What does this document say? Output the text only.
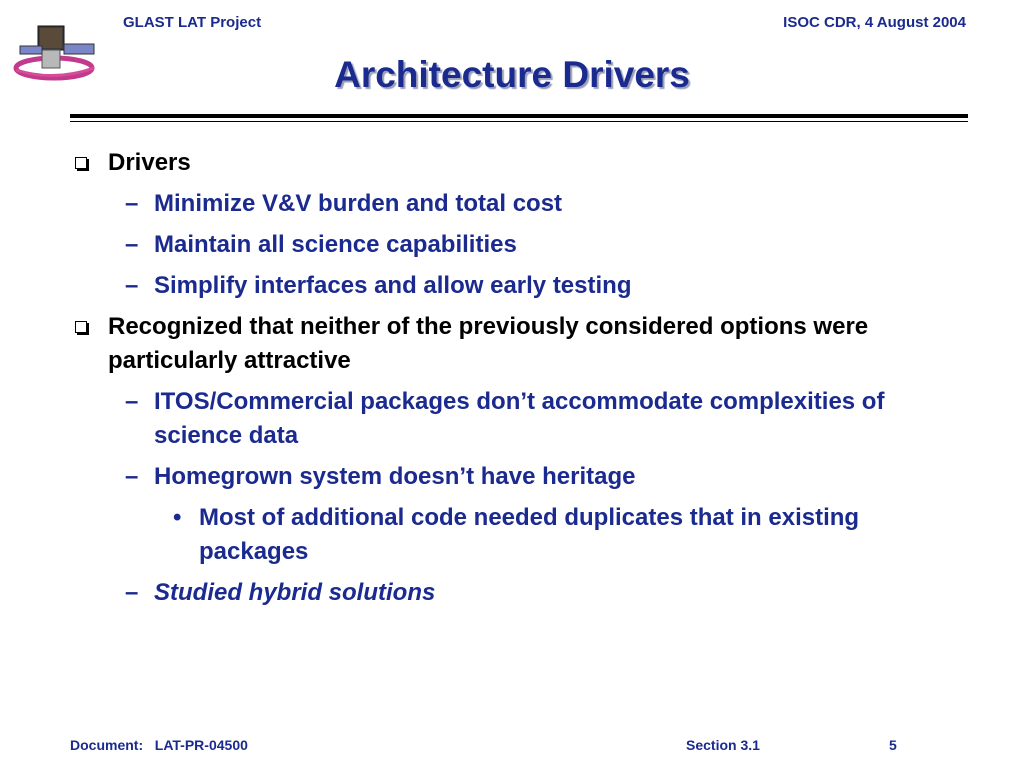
GLAST LAT Project	ISOC CDR, 4 August 2004
Architecture Drivers
Drivers
– Minimize V&V burden and total cost
– Maintain all science capabilities
– Simplify interfaces and allow early testing
Recognized that neither of the previously considered options were particularly attractive
– ITOS/Commercial packages don’t accommodate complexities of science data
– Homegrown system doesn’t have heritage
• Most of additional code needed duplicates that in existing packages
– Studied hybrid solutions
Document:   LAT-PR-04500	Section 3.1	5
